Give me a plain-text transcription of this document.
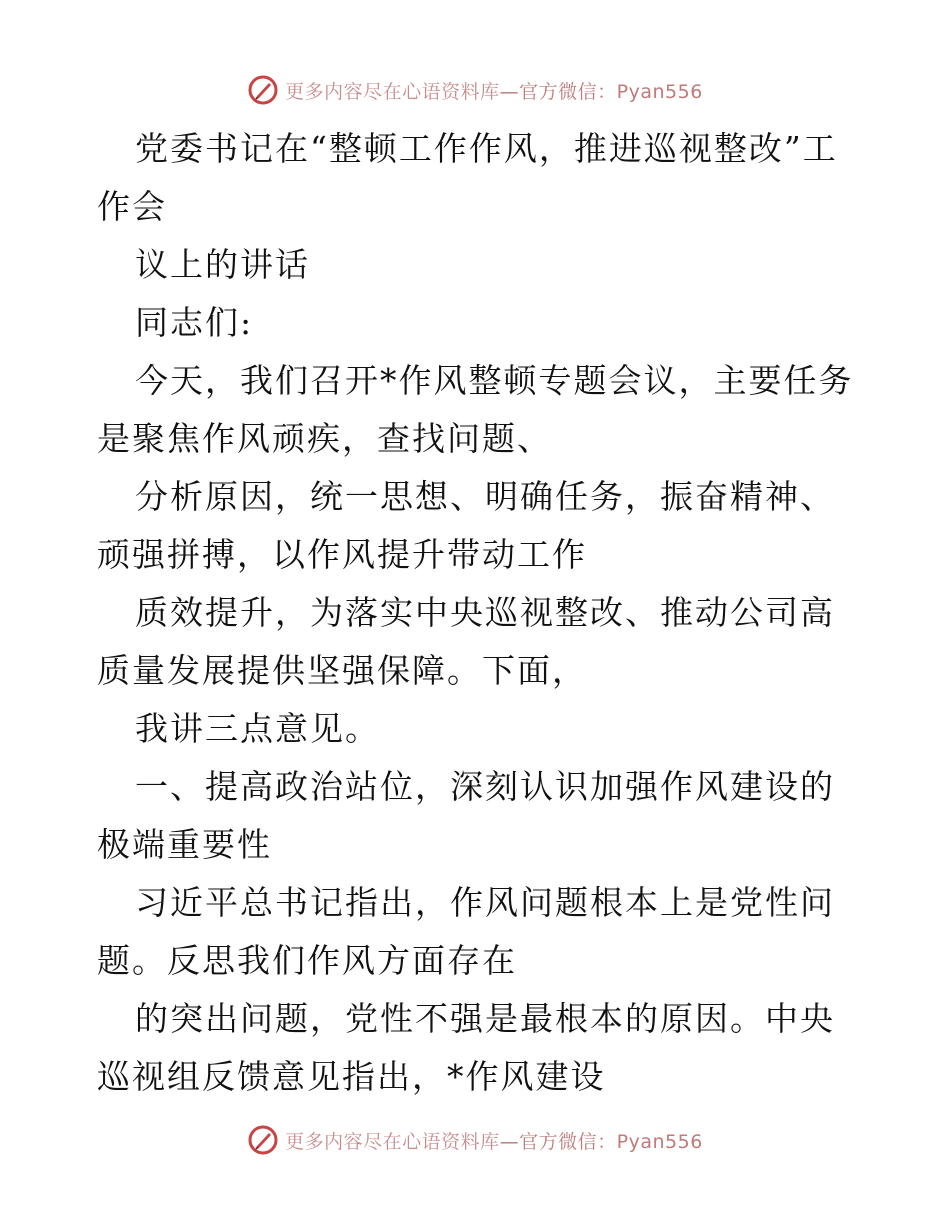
更多内容尽在心语资料库—官方微信：Pyan556

党委书记在“整顿工作作风，推进巡视整改”工作会

议上的讲话

同志们:

今天，我们召开*作风整顿专题会议，主要任务是聚焦作风顽疾，查找问题、

分析原因，统一思想、明确任务，振奋精神、顽强拼搏，以作风提升带动工作

质效提升，为落实中央巡视整改、推动公司高质量发展提供坚强保障。下面，

我讲三点意见。

一、提高政治站位，深刻认识加强作风建设的极端重要性

习近平总书记指出，作风问题根本上是党性问题。反思我们作风方面存在

的突出问题，党性不强是最根本的原因。中央巡视组反馈意见指出，*作风建设

更多内容尽在心语资料库—官方微信：Pyan556
